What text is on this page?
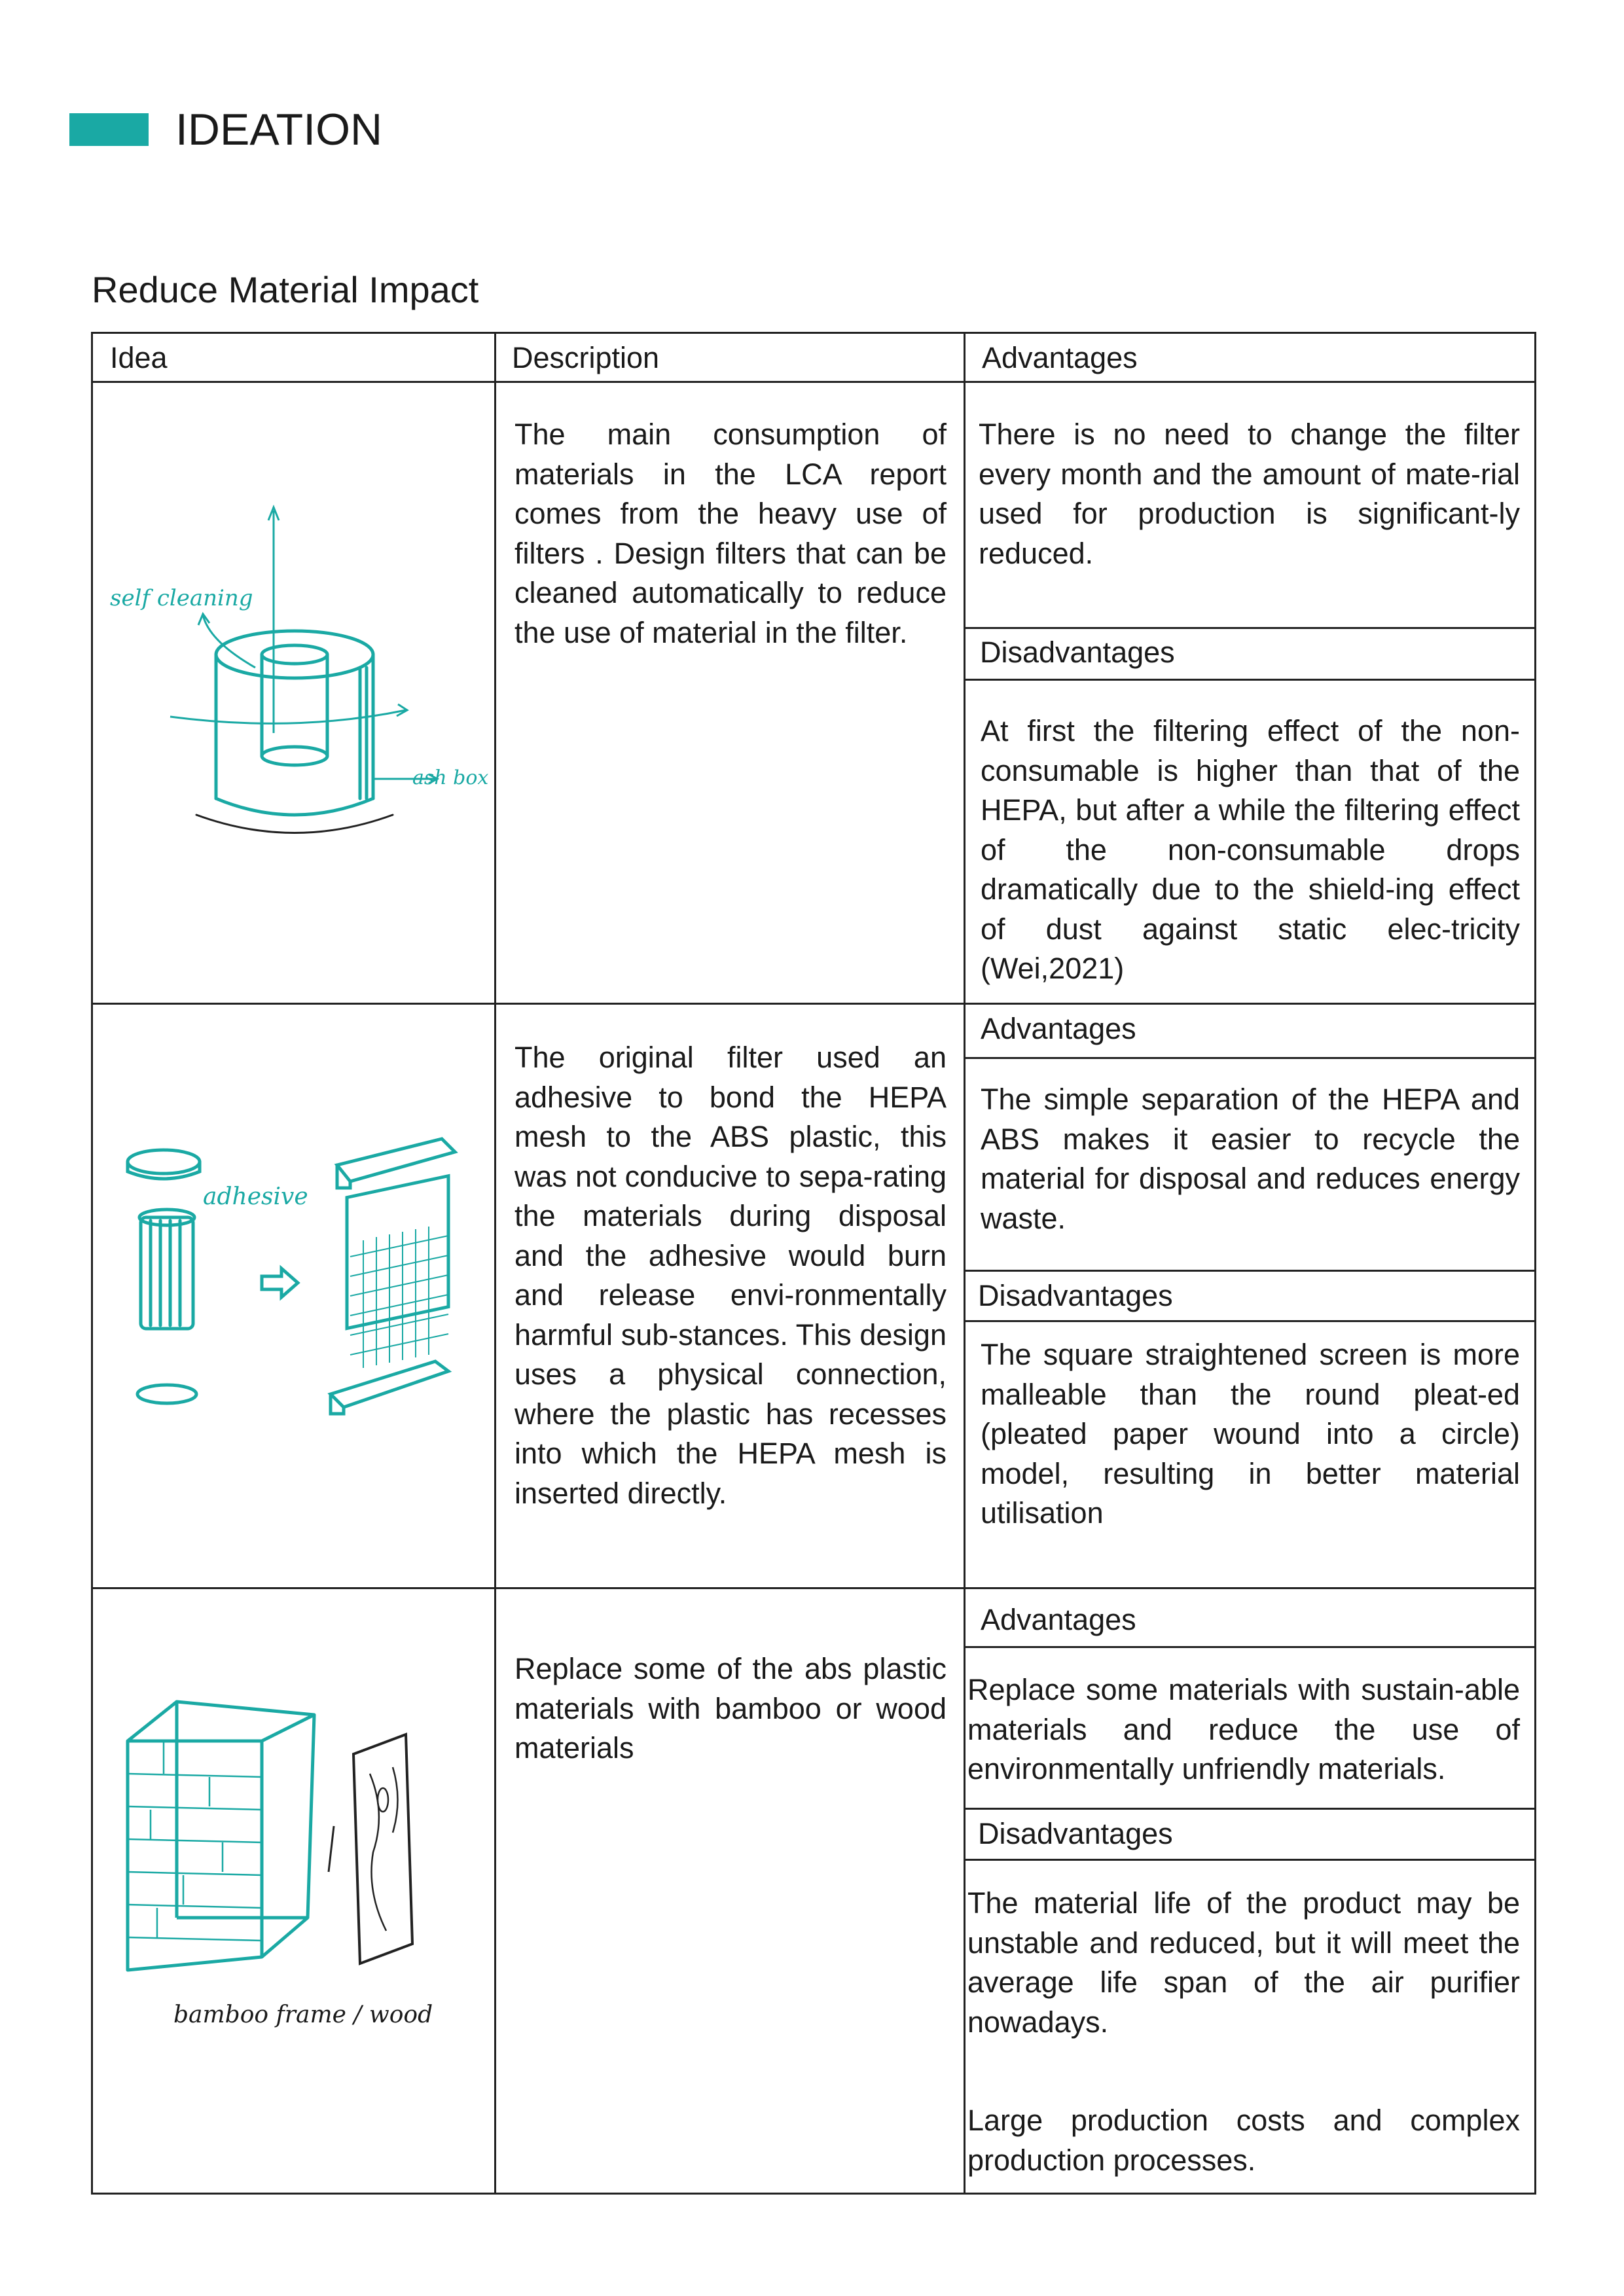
IDEATION
Reduce Material Impact
Idea	Description	Advantages
self cleaning
ash box
The main consumption of materials in the LCA report comes from the heavy use of filters . Design filters that can be cleaned automatically to reduce the use of material in the filter.
There is no need to change the filter every month and the amount of mate-rial used for production is significant-ly reduced.
Disadvantages
At first the filtering effect of the non-consumable is higher than that of the HEPA, but after a while the filtering effect of the non-consumable drops dramatically due to the shield-ing effect of dust against static elec-tricity (Wei,2021)
Advantages
adhesive
The original filter used an adhesive to bond the HEPA mesh to the ABS plastic, this was not conducive to sepa-rating the materials during disposal and the adhesive would burn and release envi-ronmentally harmful sub-stances. This design uses a physical connection, where the plastic has recesses into which the HEPA mesh is inserted directly.
The simple separation of the HEPA and ABS makes it easier to recycle the material for disposal and reduces energy waste.
Disadvantages
The square straightened screen is more malleable than the round pleat-ed (pleated paper wound into a circle) model, resulting in better material utilisation
Advantages
bamboo frame / wood
Replace some of the abs plastic materials with bamboo or wood materials
Replace some materials with sustain-able materials and reduce the use of environmentally unfriendly materials.
Disadvantages
The material life of the product may be unstable and reduced, but it will meet the average life span of the air purifier nowadays.
Large production costs and complex production processes.
